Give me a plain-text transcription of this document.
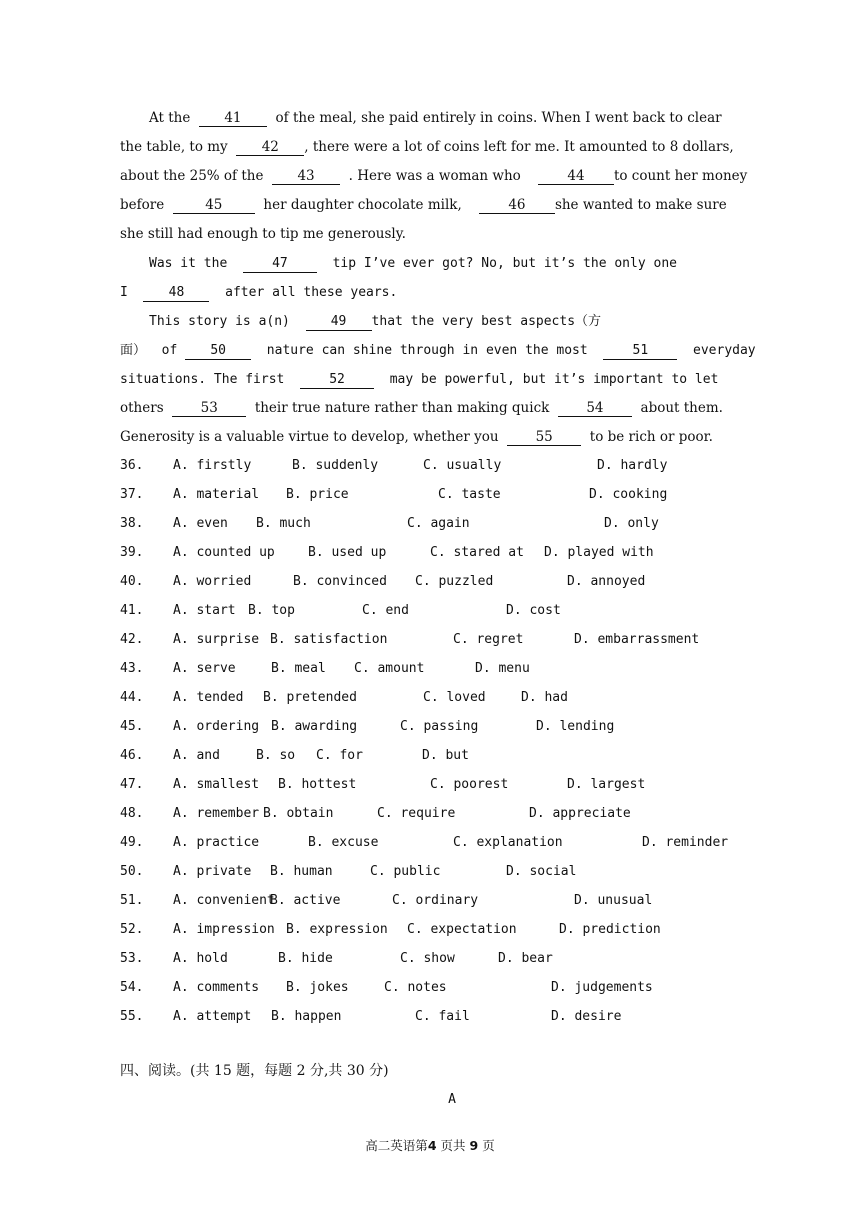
At the	41	of the meal, she paid entirely in coins. When I went back to clear
the table, to my	42 , there were a lot of coins left for me. It amounted to 8 dollars,
about the 25% of the	43	. Here was a woman who	44 to count her money
before	45	her daughter chocolate milk,	46 she wanted to make sure
she still had enough to tip me generously.
Was it the	47	tip I’ve ever got? No, but it’s the only one
I	48	after all these years.
This story is a(n)	49 that the very best aspects（方
面）  of	50	nature can shine through in even the most	51	everyday
situations. The first	52	may be powerful, but it’s important to let
others	53	their true nature rather than making quick	54	about them.
Generosity is a valuable virtue to develop, whether you	55	to be rich or poor.
36. A. firstly	B. suddenly	C. usually	D. hardly
37. A. material B. price	C. taste	D. cooking
38. A. even B. much	C. again	D. only
39. A. counted up	B. used up	C. stared at D. played with
40. A. worried	B. convinced C. puzzled	D. annoyed
41. A. start B. top	C. end	D. cost
42. A. surprise B. satisfaction	C. regret	D. embarrassment
43. A. serve	B. meal C. amount	D. menu
44. A. tended B. pretended	C. loved	D. had
45. A. ordering B. awarding	C. passing	D. lending
46. A. and	B. so C. for	D. but
47. A. smallest B. hottest	C. poorest	D. largest
48. A. remember B. obtain	C. require	D. appreciate
49. A. practice	B. excuse	C. explanation	D. reminder
50. A. private B. human	C. public	D. social
51. A. convenient
B. active	C. ordinary	D. unusual
52. A. impression B. expression C. expectation	D. prediction
53. A. hold	B. hide	C. show	D. bear
54. A. comments B. jokes	C. notes	D. judgements
55. A. attempt B. happen	C. fail	D. desire
四、阅读。(共 15 题，每题 2 分,共 30 分)
A
高二英语第4 页共 9 页
